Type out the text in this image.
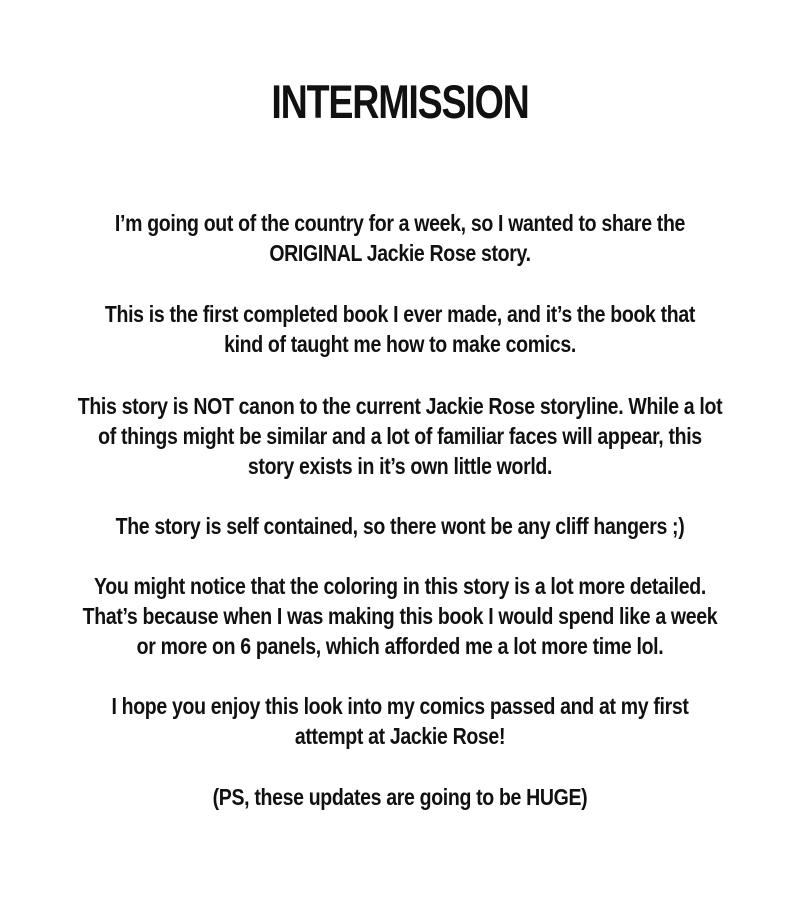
INTERMISSION

I’m going out of the country for a week, so I wanted to share the
ORIGINAL Jackie Rose story.

This is the first completed book I ever made, and it’s the book that
kind of taught me how to make comics.

This story is NOT canon to the current Jackie Rose storyline. While a lot
of things might be similar and a lot of familiar faces will appear, this
story exists in it’s own little world.

The story is self contained, so there wont be any cliff hangers ;)

You might notice that the coloring in this story is a lot more detailed.
That’s because when I was making this book I would spend like a week
or more on 6 panels, which afforded me a lot more time lol.

I hope you enjoy this look into my comics passed and at my first
attempt at Jackie Rose!

(PS, these updates are going to be HUGE)
